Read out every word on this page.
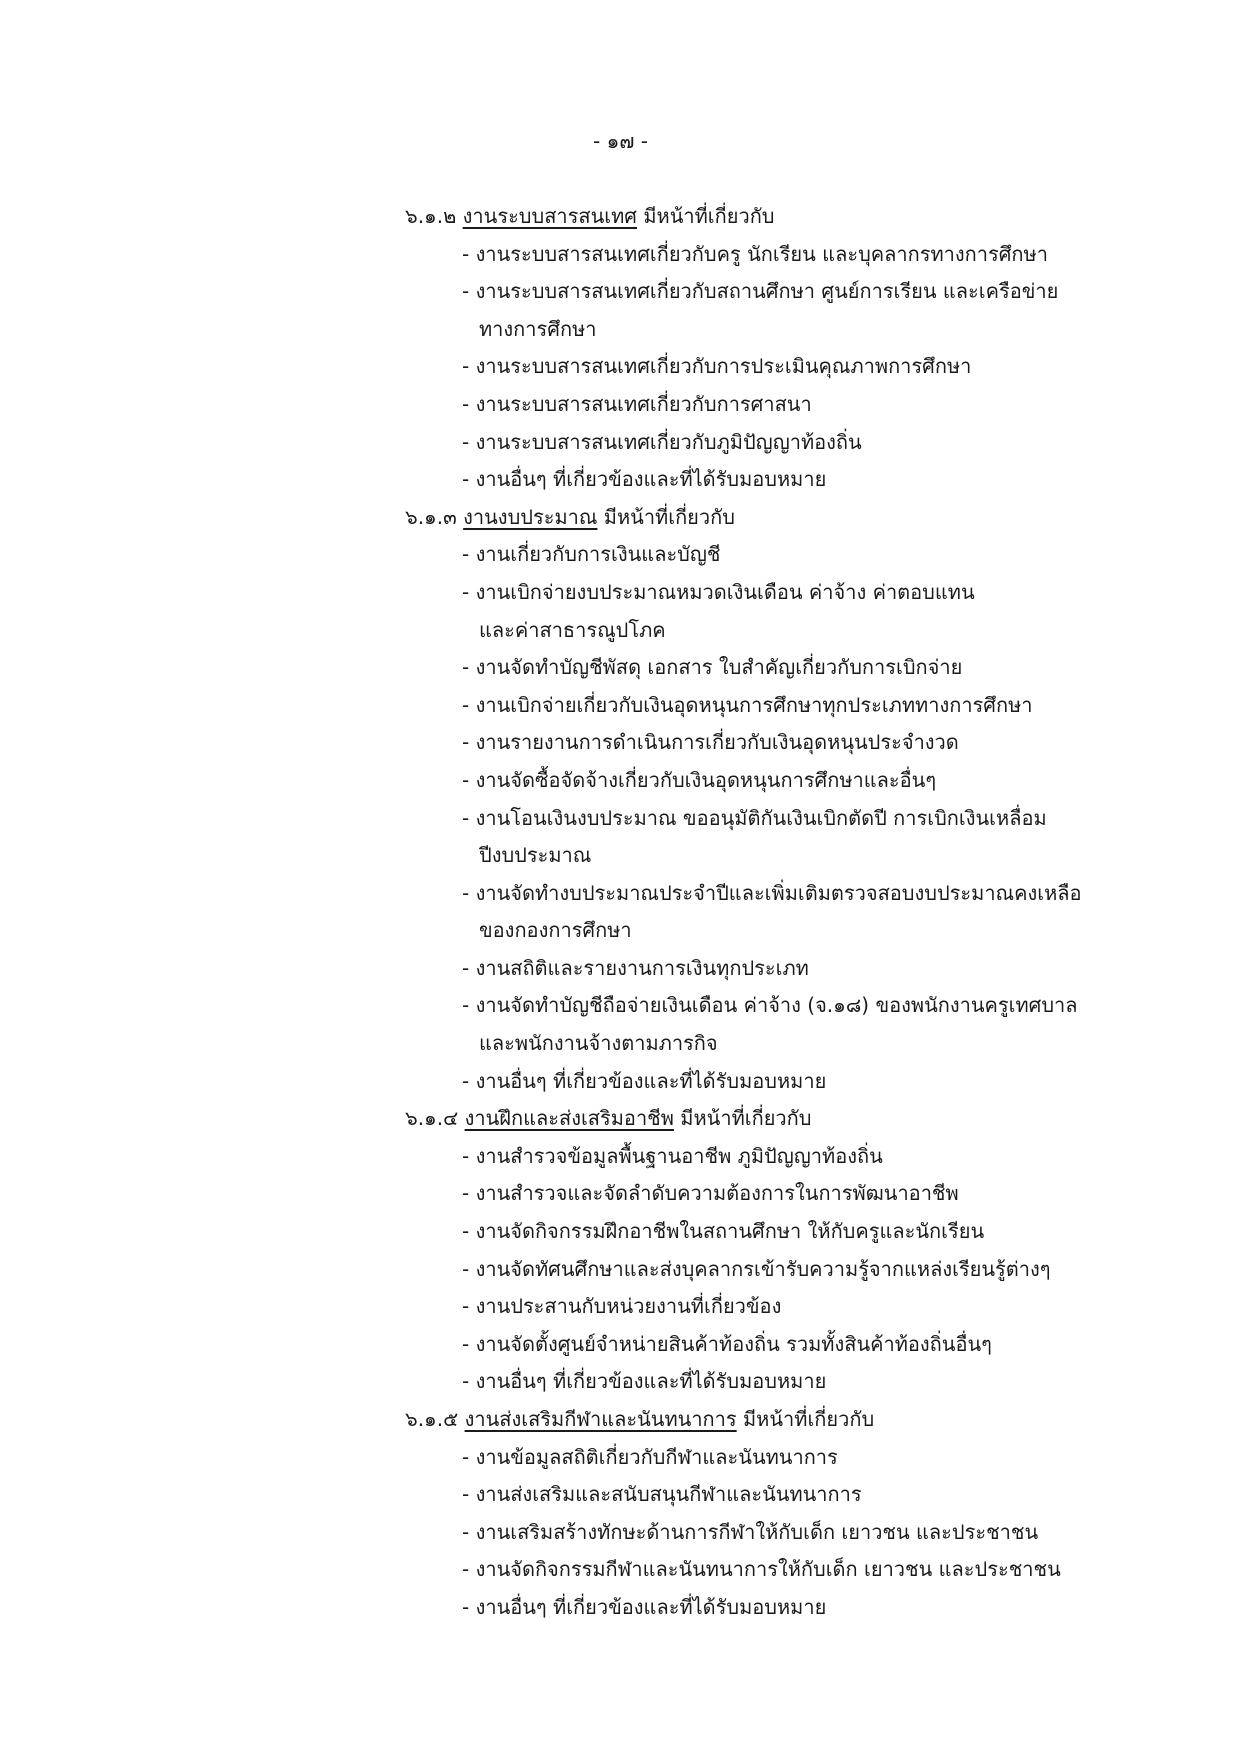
- ๑๗ -
๖.๑.๒ งานระบบสารสนเทศ มีหน้าที่เกี่ยวกับ
- งานระบบสารสนเทศเกี่ยวกับครู นักเรียน และบุคลากรทางการศึกษา
- งานระบบสารสนเทศเกี่ยวกับสถานศึกษา ศูนย์การเรียน และเครือข่าย
ทางการศึกษา
- งานระบบสารสนเทศเกี่ยวกับการประเมินคุณภาพการศึกษา
- งานระบบสารสนเทศเกี่ยวกับการศาสนา
- งานระบบสารสนเทศเกี่ยวกับภูมิปัญญาท้องถิ่น
- งานอื่นๆ ที่เกี่ยวข้องและที่ได้รับมอบหมาย
๖.๑.๓ งานงบประมาณ มีหน้าที่เกี่ยวกับ
- งานเกี่ยวกับการเงินและบัญชี
- งานเบิกจ่ายงบประมาณหมวดเงินเดือน ค่าจ้าง ค่าตอบแทน
และค่าสาธารณูปโภค
- งานจัดทำบัญชีพัสดุ เอกสาร ใบสำคัญเกี่ยวกับการเบิกจ่าย
- งานเบิกจ่ายเกี่ยวกับเงินอุดหนุนการศึกษาทุกประเภททางการศึกษา
- งานรายงานการดำเนินการเกี่ยวกับเงินอุดหนุนประจำงวด
- งานจัดซื้อจัดจ้างเกี่ยวกับเงินอุดหนุนการศึกษาและอื่นๆ
- งานโอนเงินงบประมาณ ขออนุมัติกันเงินเบิกตัดปี การเบิกเงินเหลื่อม
ปีงบประมาณ
- งานจัดทำงบประมาณประจำปีและเพิ่มเติมตรวจสอบงบประมาณคงเหลือ
ของกองการศึกษา
- งานสถิติและรายงานการเงินทุกประเภท
- งานจัดทำบัญชีถือจ่ายเงินเดือน ค่าจ้าง (จ.๑๘) ของพนักงานครูเทศบาล
และพนักงานจ้างตามภารกิจ
- งานอื่นๆ ที่เกี่ยวข้องและที่ได้รับมอบหมาย
๖.๑.๔ งานฝึกและส่งเสริมอาชีพ มีหน้าที่เกี่ยวกับ
- งานสำรวจข้อมูลพื้นฐานอาชีพ ภูมิปัญญาท้องถิ่น
- งานสำรวจและจัดลำดับความต้องการในการพัฒนาอาชีพ
- งานจัดกิจกรรมฝึกอาชีพในสถานศึกษา ให้กับครูและนักเรียน
- งานจัดทัศนศึกษาและส่งบุคลากรเข้ารับความรู้จากแหล่งเรียนรู้ต่างๆ
- งานประสานกับหน่วยงานที่เกี่ยวข้อง
- งานจัดตั้งศูนย์จำหน่ายสินค้าท้องถิ่น รวมทั้งสินค้าท้องถิ่นอื่นๆ
- งานอื่นๆ ที่เกี่ยวข้องและที่ได้รับมอบหมาย
๖.๑.๕ งานส่งเสริมกีฬาและนันทนาการ มีหน้าที่เกี่ยวกับ
- งานข้อมูลสถิติเกี่ยวกับกีฬาและนันทนาการ
- งานส่งเสริมและสนับสนุนกีฬาและนันทนาการ
- งานเสริมสร้างทักษะด้านการกีฬาให้กับเด็ก เยาวชน และประชาชน
- งานจัดกิจกรรมกีฬาและนันทนาการให้กับเด็ก เยาวชน และประชาชน
- งานอื่นๆ ที่เกี่ยวข้องและที่ได้รับมอบหมาย
